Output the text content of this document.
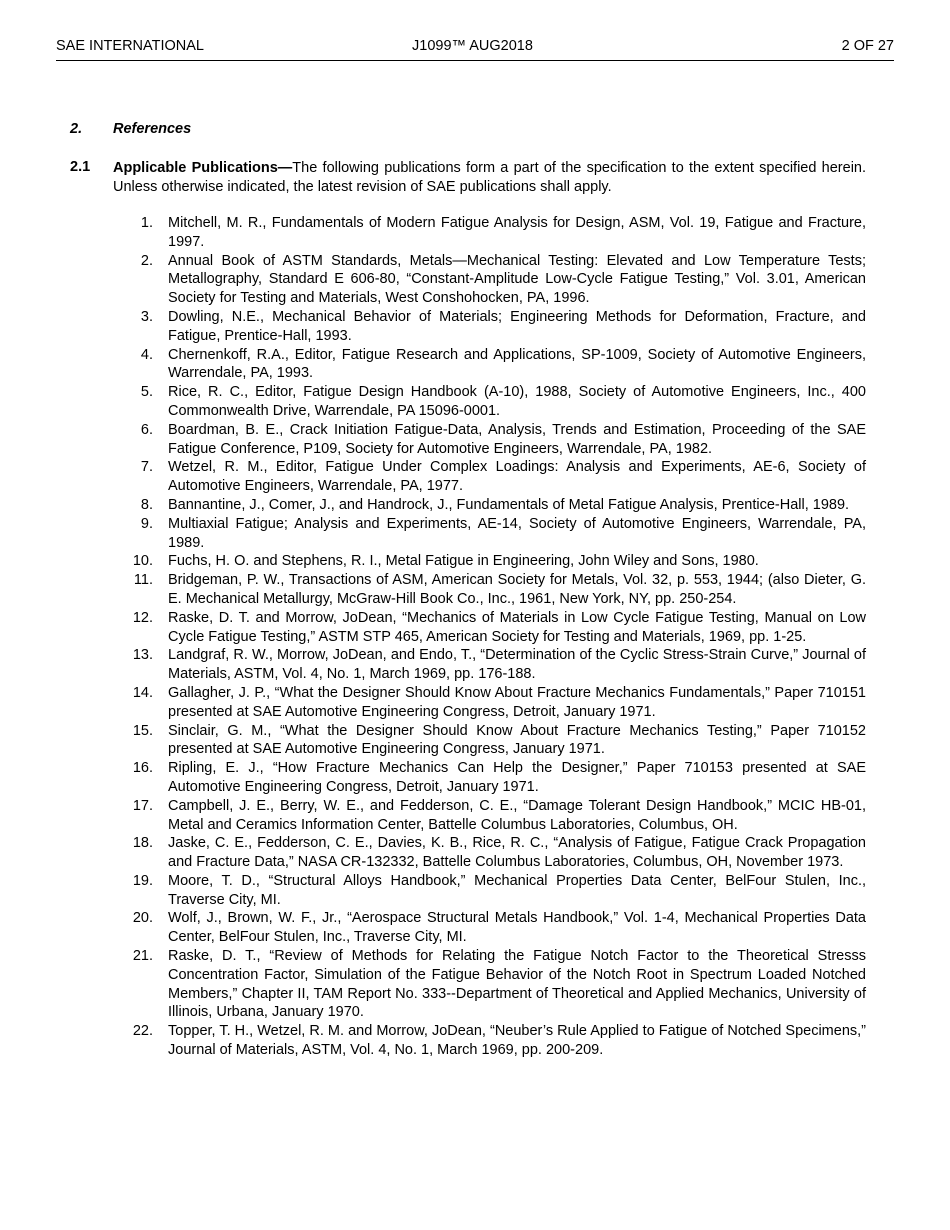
SAE INTERNATIONAL	J1099™ AUG2018	2 OF 27
2. References
2.1 Applicable Publications—The following publications form a part of the specification to the extent specified herein. Unless otherwise indicated, the latest revision of SAE publications shall apply.
1. Mitchell, M. R., Fundamentals of Modern Fatigue Analysis for Design, ASM, Vol. 19, Fatigue and Fracture, 1997.
2. Annual Book of ASTM Standards, Metals—Mechanical Testing: Elevated and Low Temperature Tests; Metallography, Standard E 606-80, “Constant-Amplitude Low-Cycle Fatigue Testing,” Vol. 3.01, American Society for Testing and Materials, West Conshohocken, PA, 1996.
3. Dowling, N.E., Mechanical Behavior of Materials; Engineering Methods for Deformation, Fracture, and Fatigue, Prentice-Hall, 1993.
4. Chernenkoff, R.A., Editor, Fatigue Research and Applications, SP-1009, Society of Automotive Engineers, Warrendale, PA, 1993.
5. Rice, R. C., Editor, Fatigue Design Handbook (A-10), 1988, Society of Automotive Engineers, Inc., 400 Commonwealth Drive, Warrendale, PA 15096-0001.
6. Boardman, B. E., Crack Initiation Fatigue-Data, Analysis, Trends and Estimation, Proceeding of the SAE Fatigue Conference, P109, Society for Automotive Engineers, Warrendale, PA, 1982.
7. Wetzel, R. M., Editor, Fatigue Under Complex Loadings: Analysis and Experiments, AE-6, Society of Automotive Engineers, Warrendale, PA, 1977.
8. Bannantine, J., Comer, J., and Handrock, J., Fundamentals of Metal Fatigue Analysis, Prentice-Hall, 1989.
9. Multiaxial Fatigue; Analysis and Experiments, AE-14, Society of Automotive Engineers, Warrendale, PA, 1989.
10. Fuchs, H. O. and Stephens, R. I., Metal Fatigue in Engineering, John Wiley and Sons, 1980.
11. Bridgeman, P. W., Transactions of ASM, American Society for Metals, Vol. 32, p. 553, 1944; (also Dieter, G. E. Mechanical Metallurgy, McGraw-Hill Book Co., Inc., 1961, New York, NY, pp. 250-254.
12. Raske, D. T. and Morrow, JoDean, “Mechanics of Materials in Low Cycle Fatigue Testing, Manual on Low Cycle Fatigue Testing,” ASTM STP 465, American Society for Testing and Materials, 1969, pp. 1-25.
13. Landgraf, R. W., Morrow, JoDean, and Endo, T., “Determination of the Cyclic Stress-Strain Curve,” Journal of Materials, ASTM, Vol. 4, No. 1, March 1969, pp. 176-188.
14. Gallagher, J. P., “What the Designer Should Know About Fracture Mechanics Fundamentals,” Paper 710151 presented at SAE Automotive Engineering Congress, Detroit, January 1971.
15. Sinclair, G. M., “What the Designer Should Know About Fracture Mechanics Testing,” Paper 710152 presented at SAE Automotive Engineering Congress, January 1971.
16. Ripling, E. J., “How Fracture Mechanics Can Help the Designer,” Paper 710153 presented at SAE Automotive Engineering Congress, Detroit, January 1971.
17. Campbell, J. E., Berry, W. E., and Fedderson, C. E., “Damage Tolerant Design Handbook,” MCIC HB-01, Metal and Ceramics Information Center, Battelle Columbus Laboratories, Columbus, OH.
18. Jaske, C. E., Fedderson, C. E., Davies, K. B., Rice, R. C., “Analysis of Fatigue, Fatigue Crack Propagation and Fracture Data,” NASA CR-132332, Battelle Columbus Laboratories, Columbus, OH, November 1973.
19. Moore, T. D., “Structural Alloys Handbook,” Mechanical Properties Data Center, BelFour Stulen, Inc., Traverse City, MI.
20. Wolf, J., Brown, W. F., Jr., “Aerospace Structural Metals Handbook,” Vol. 1-4, Mechanical Properties Data Center, BelFour Stulen, Inc., Traverse City, MI.
21. Raske, D. T., “Review of Methods for Relating the Fatigue Notch Factor to the Theoretical Stresss Concentration Factor, Simulation of the Fatigue Behavior of the Notch Root in Spectrum Loaded Notched Members,” Chapter II, TAM Report No. 333--Department of Theoretical and Applied Mechanics, University of Illinois, Urbana, January 1970.
22. Topper, T. H., Wetzel, R. M. and Morrow, JoDean, “Neuber’s Rule Applied to Fatigue of Notched Specimens,” Journal of Materials, ASTM, Vol. 4, No. 1, March 1969, pp. 200-209.
